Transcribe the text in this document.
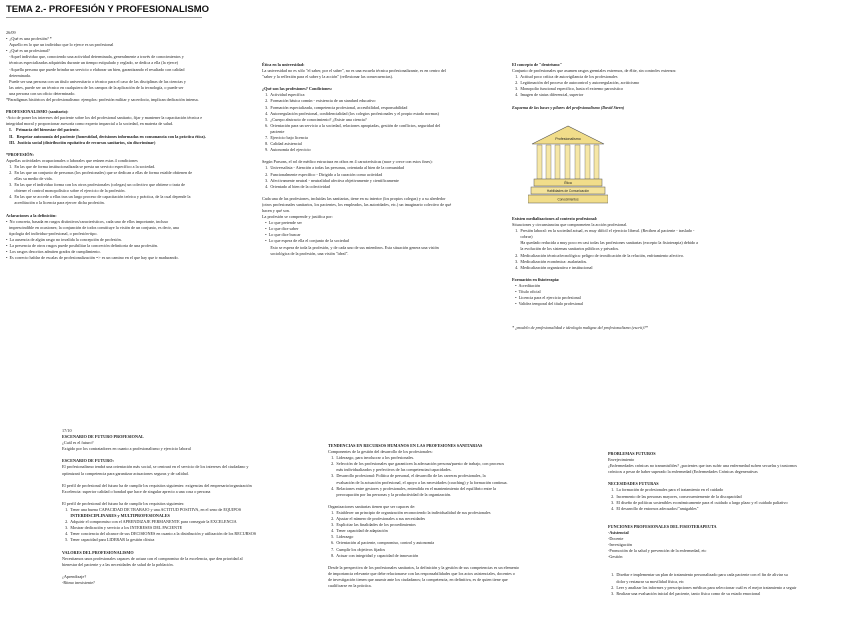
TEMA 2.- PROFESIÓN Y PROFESIONALISMO

26/09

•  ¿Qué es una profesión? *

Aquello en lo que un individuo que lo ejerce es un profesional

•  ¿Qué es un profesional?

-Aquel individuo que, conociendo una actividad determinada, generalmente a través de conocimientos y

técnicas especializadas adquiridas durante un tiempo estipulado y reglado, se dedica a ella (la ejerce)

-Aquella persona que puede brindar un servicio o elaborar un bien, garantizando el resultado con calidad

determinada.

Puede ser una persona con un título universitario o técnico para el caso de las disciplinas de las ciencias y

las artes, puede ser un técnico en cualquiera de los campos de la aplicación de la tecnología, o puede ser

una persona con un oficio determinado.

*Paradigmas históricos del profesionalismo: ejemplos: profesión militar y sacerdocio, implican dedicación intensa.

PROFESIONALISMO (sanitario):

-Acto de poner los intereses del paciente sobre los del profesional sanitario, fijar y mantener la capacitación técnica e

integridad moral y proporcionar asesoría como experto imparcial a la sociedad, en materia de salud.

I.    Primacía del bienestar del paciente.

II.   Respetar autonomía del paciente (honestidad, decisiones informadas en consonancia con la práctica ética).

III.  Justicia social (distribución equitativa de recursos sanitarios, sin discriminar)

*PROFESIÓN:

Aquellas actividades ocupacionales o laborales que reúnen estas 4 condiciones

1.  En las que de forma institucionalizada se presta un servicio específico a la sociedad.

2.  En las que un conjunto de personas (los profesionales) que se dedican a ellas de forma estable obtienen de

ellas su medio de vida.

3.  En las que el individuo forma con los otros profesionales (colegas) un colectivo que obtiene o trata de

obtener el control monopolístico sobre el ejercicio de la profesión.

4.  En las que se accede a ellas tras un largo proceso de capacitación teórica y práctica, de la cual depende la

acreditación o la licencia para ejercer dicha profesión.

Aclaraciones a la definición:

•  No concreta, basada en rasgos distintivos/característicos, cada uno de ellos importante, incluso

imprescindible en ocasiones; la conjunción de todos constituye la visión de un conjunto, es decir, una

tipología del individuo-profesional, o profesión-tipo.

•  La ausencia de algún rasgo no invalida la concepción de profesión.

•  La presencia de otros rasgos puede posibilitar la concreción definitoria de una profesión.

•  Los rasgos descritos admiten grados de cumplimiento.

•  Es correcto hablar de escalas de profesionalización => es un camino en el que hay que ir madurando.

Ética en la universidad:

La universidad no es sólo "el saber, por el saber", no es una escuela técnica profesionalizante, es en centro del

"saber y la reflexión para el saber y la acción" (reflexionar las consecuencias).

¿Qué son las profesiones? Condiciones:

1.  Actividad específica

2.  Formación básica común - existencia de un standard educativo

3.  Formación especializada, competencia profesional, accesibilidad, responsabilidad

4.  Autorregulación profesional, confidencialidad (los colegios profesionales y el propio estado normas)

5.  ¿Cuerpo abstracto de conocimiento? ¿Existe una ciencia?

6.  Orientación para un servicio a la sociedad, relaciones apropiadas, gestión de conflictos, seguridad del

paciente

7.  Ejercicio bajo licencia

8.  Calidad asistencial

9.  Autonomía del ejercicio

Según Parsons, el rol de médico estructura en otbos en 4 características (nace y crece con estos fines):

1.  Universalista - Atención a todas las personas, orientada al bien de la comunidad

2.  Funcionalmente específico - Dirigido a la curación como actividad

3.  Afectivamente neutral - neutralidad afectiva objetivamente y científicamente

4.  Orientado al bien de la colectividad

Cada una de las profesiones, incluidas las sanitarias, tiene en su interior (los propios colegas) y a su alrededor

(otros profesionales sanitarios, los pacientes, los empleados, las autoridades, etc.) un imaginario colectivo de qué

hacen y qué son.

La profesión se comprende y justifica por:

•  Lo que pretende ser

•  Lo que dice saber

•  Lo que dice buscar

•  Lo que espera de ella el conjunto de la sociedad

Esto se espera de toda la profesión, y de cada uno de sus miembros. Esta situación genera una visión

sociológica de la profesión, una visión "ideal".

El concepto de "dentrismo"

Conjunto de profesionales que asumen rasgos gremiales extremos, de élite, sin controles externos:

1.  Actitud poco crítica de autovigilancia de los profesionales

2.  Legitimación del proceso de autocontrol y autorregulación, acriticismo

3.  Monopolio funcional específico, hasta el extremo paroxístico

4.  Imagen de status diferencial, superior

Esquema de las bases y pilares del profesionalismo (David Stern)

Profesionalismo
Ética
Habilidades de Comunicación
Conocimientos

Existen medializaciones al contexto profesional:

Situaciones y circunstancias que comprometen la acción profesional.

1.  Presión laboral: en la sociedad actual, es muy difícil el ejercicio liberal. (Reciben al paciente - traslado -

cobrar)

Ha quedado reducida a muy poco en casi todas las profesiones sanitarias (excepto la fisioterapia) debido a

la evolución de los sistemas sanitarios públicos y privados.

2.  Medicalización técnica/tecnológica: peligro de tecnificación de la relación, enfriamiento afectivo.

3.  Medicalización económica: asalariados.

4.  Medicalización organizativa e institucional

Formación en fisioterapia:

•  Acreditación

•  Título oficial

•  Licencia para el ejercicio profesional

•  Validez temporal del título profesional

* ¿modelo de profesionalidad e ideología maligna del profesionalismo (escrit)?*

17/10

ESCENARIO DE FUTURO PROFESIONAL

¿Cuál es el futuro?

Exigido por los contratadores en cuanto a profesionalismo y ejercicio laboral

ESCENARIO DE FUTURO:

El profesionalismo tendrá una orientación más social, se centrará en el servicio de los intereses del ciudadano y

optimizará la competencia para garantizar actuaciones seguras y de calidad.

El perfil de profesional del futuro ha de cumplir los requisitos siguientes: exigencias del empresario/organización

Excelencia: superior calidad o bondad que hace de singular aprecio a una cosa o persona

El perfil de profesional del futuro ha de cumplir los requisitos siguientes:

1.  Tener una buena CAPACIDAD DE TRABAJO y una ACTITUD POSITIVA, en el seno de EQUIPOS

INTERDISCIPLINARES y MULTIPROFESIONALES

2.  Adquirir el compromiso con el APRENDIZAJE PERMANENTE para conseguir la EXCELENCIA

3.  Mostrar dedicación y servicio a los INTERESES DEL PACIENTE

4.  Tener conciencia del alcance de sus DECISIONES en cuanto a la distribución y utilización de los RECURSOS

5.  Tener capacidad para LIDERAR la gestión clínica

VALORES DEL PROFESIONALISMO

Necesitamos unos profesionales capaces de actuar con el compromiso de la excelencia, que den prioridad al

bienestar del paciente y a las necesidades de salud de la población.

¿Aprendizaje?

-Ritmo inexistente?

TENDENCIAS EN RECURSOS HUMANOS EN LAS PROFESIONES SANITARIAS

Componentes de la gestión del desarrollo de los profesionales:

1.  Liderazgo, para involucrar a los profesionales.

2.  Selección de los profesionales que garanticen la adecuación persona/puesto de trabajo, con procesos

más individualizados y perfectivos de las competencias/capacidades.

3.  Desarrollo profesional: Política de personal, el desarrollo de las carreras profesionales, la

evaluación de la actuación profesional, el apoyo a las necesidades (coaching) y la formación continua.

4.  Relaciones entre gestores y profesionales, entendida en el mantenimiento del equilibrio entre la

preocupación por las personas y la productividad de la organización.

Organizaciones sanitarias tienen que ser capaces de:

1.  Establecer un principio de organización reconociendo la individualidad de sus profesionales

2.  Ajustar el número de profesionales a sus necesidades

3.  Explicitar las finalidades de los procedimientos

4.  Tener capacidad de adaptación

5.  Liderazgo

6.  Orientación al paciente, compromiso, control y autonomía

7.  Cumplir los objetivos fijados

8.  Actuar con integridad y capacidad de innovación

Desde la perspectiva de los profesionales sanitarios, la definición y la gestión de sus competencias es un elemento

de importancia relevante que debe relacionarse con las responsabilidades que los actos asistenciales, docentes o

de investigación tienen que asumir ante los ciudadanos; la competencia, en definitiva, es de quien tiene que

cualificarse en la práctica.

PROBLEMAS FUTUROS

Envejecimiento

¿Enfermedades crónicas no transmisibles? ¿pacientes que tras sufrir una enfermedad sufren secuelas y trastornos

crónicos a pesar de haber superado la enfermedad (Enfermedades Crónicas degenerativas

NECESIDADES FUTURAS

1.  La formación de profesionales para el tratamiento en el cuidado

2.  Incremento de las personas mayores, consecuentemente de la discapacidad

3.  El diseño de políticas sostenibles económicamente para el cuidado a largo plazo y el cuidado paliativo

4.  El desarrollo de entornos adecuados/"amigables"

FUNCIONES PROFESIONALES DEL FISIOTERAPEUTA

-Asistencial

-Docente

-Investigación

-Promoción de la salud y prevención de la enfermedad, etc

-Gestión

1.  Diseñar e implementar un plan de tratamiento personalizado para cada paciente con el fin de aliviar su

dolor y restaurar su movilidad física, etc

2.  Leer y analizar los informes y prescripciones médicas para seleccionar cuál es el mejor tratamiento a seguir

3.  Realizar una evaluación inicial del paciente, tanto física como de su estado emocional
